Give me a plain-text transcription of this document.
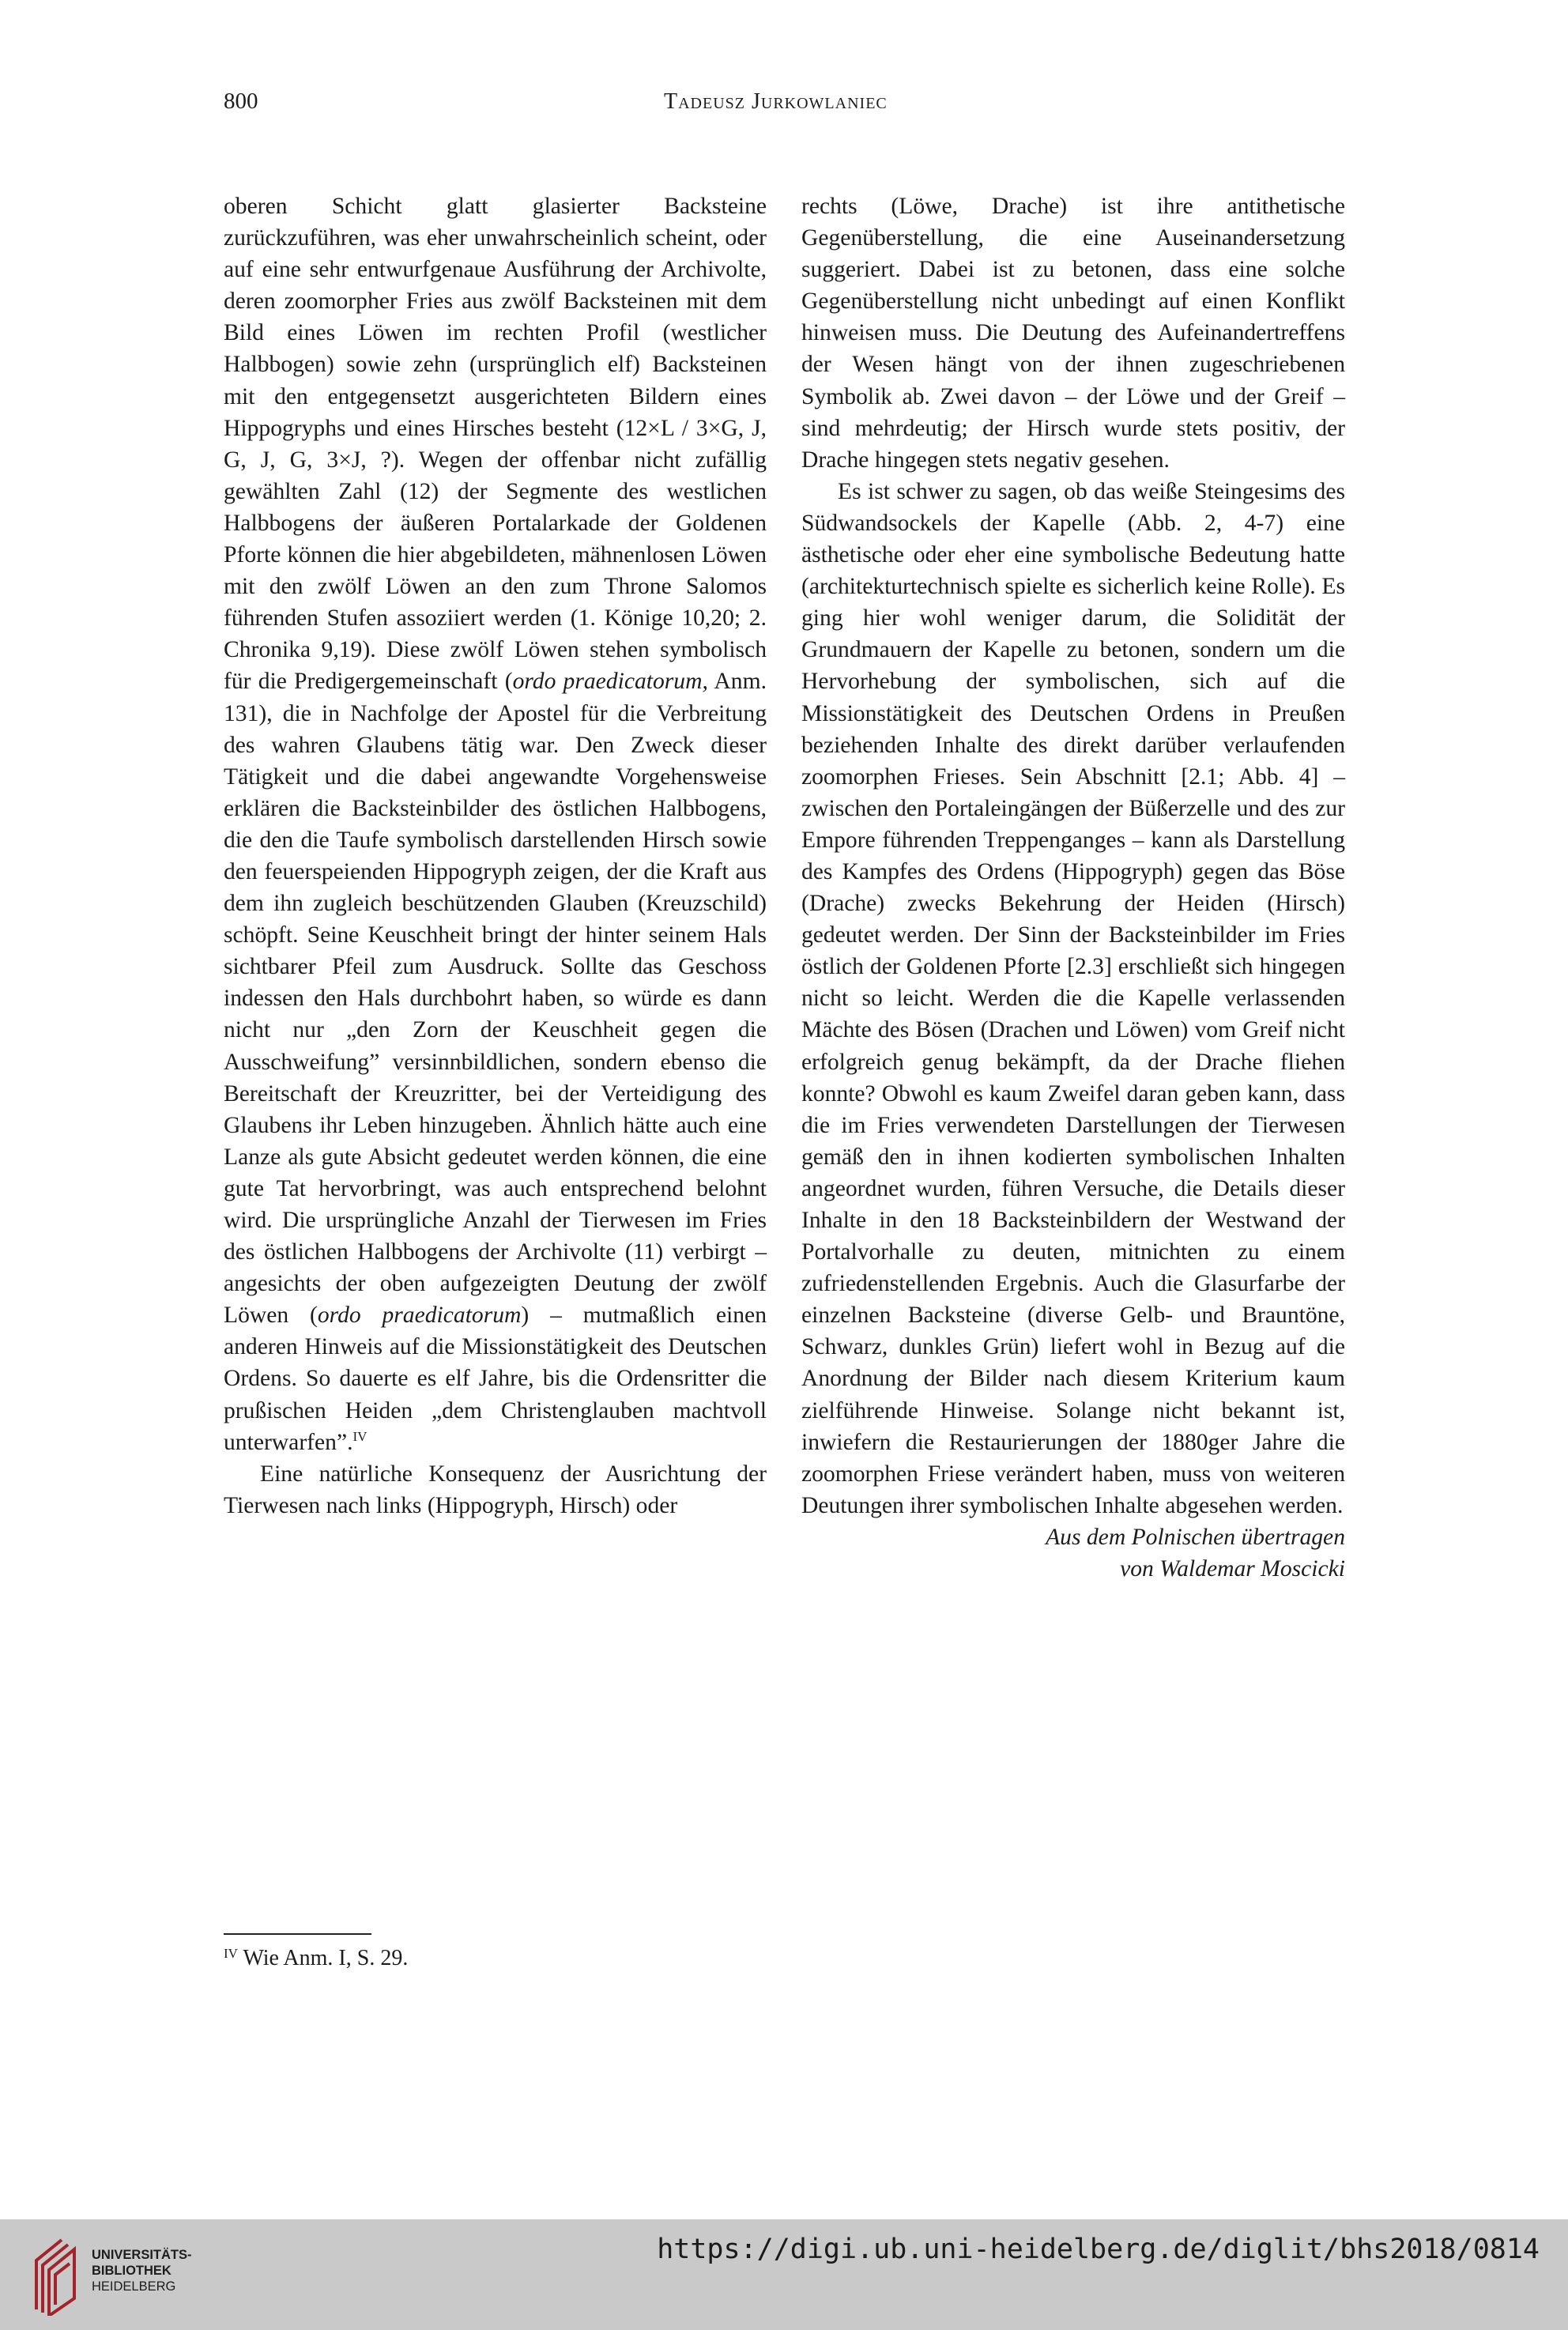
800	Tadeusz Jurkowlaniec

oberen Schicht glatt glasierter Backsteine zurückzuführen, was eher unwahrscheinlich scheint, oder auf eine sehr entwurfgenaue Ausführung der Archivolte, deren zoomorpher Fries aus zwölf Backsteinen mit dem Bild eines Löwen im rechten Profil (westlicher Halbbogen) sowie zehn (ursprünglich elf) Backsteinen mit den entgegensetzt ausgerichteten Bildern eines Hippogryphs und eines Hirsches besteht (12×L / 3×G, J, G, J, G, 3×J, ?). Wegen der offenbar nicht zufällig gewählten Zahl (12) der Segmente des westlichen Halbbogens der äußeren Portalarkade der Goldenen Pforte können die hier abgebildeten, mähnenlosen Löwen mit den zwölf Löwen an den zum Throne Salomos führenden Stufen assoziiert werden (1. Könige 10,20; 2. Chronika 9,19). Diese zwölf Löwen stehen symbolisch für die Predigergemeinschaft (ordo praedicatorum, Anm. 131), die in Nachfolge der Apostel für die Verbreitung des wahren Glaubens tätig war. Den Zweck dieser Tätigkeit und die dabei angewandte Vorgehensweise erklären die Backsteinbilder des östlichen Halbbogens, die den die Taufe symbolisch darstellenden Hirsch sowie den feuerspeienden Hippogryph zeigen, der die Kraft aus dem ihn zugleich beschützenden Glauben (Kreuzschild) schöpft. Seine Keuschheit bringt der hinter seinem Hals sichtbarer Pfeil zum Ausdruck. Sollte das Geschoss indessen den Hals durchbohrt haben, so würde es dann nicht nur „den Zorn der Keuschheit gegen die Ausschweifung” versinnbildlichen, sondern ebenso die Bereitschaft der Kreuzritter, bei der Verteidigung des Glaubens ihr Leben hinzugeben. Ähnlich hätte auch eine Lanze als gute Absicht gedeutet werden können, die eine gute Tat hervorbringt, was auch entsprechend belohnt wird. Die ursprüngliche Anzahl der Tierwesen im Fries des östlichen Halbbogens der Archivolte (11) verbirgt – angesichts der oben aufgezeigten Deutung der zwölf Löwen (ordo praedicatorum) – mutmaßlich einen anderen Hinweis auf die Missionstätigkeit des Deutschen Ordens. So dauerte es elf Jahre, bis die Ordensritter die prußischen Heiden „dem Christenglauben machtvoll unterwarfen”.$^{IV}$

Eine natürliche Konsequenz der Ausrichtung der Tierwesen nach links (Hippogryph, Hirsch) oder

rechts (Löwe, Drache) ist ihre antithetische Gegenüberstellung, die eine Auseinandersetzung suggeriert. Dabei ist zu betonen, dass eine solche Gegenüberstellung nicht unbedingt auf einen Konflikt hinweisen muss. Die Deutung des Aufeinandertreffens der Wesen hängt von der ihnen zugeschriebenen Symbolik ab. Zwei davon – der Löwe und der Greif – sind mehrdeutig; der Hirsch wurde stets positiv, der Drache hingegen stets negativ gesehen.

Es ist schwer zu sagen, ob das weiße Steingesims des Südwandsockels der Kapelle (Abb. 2, 4-7) eine ästhetische oder eher eine symbolische Bedeutung hatte (architekturtechnisch spielte es sicherlich keine Rolle). Es ging hier wohl weniger darum, die Solidität der Grundmauern der Kapelle zu betonen, sondern um die Hervorhebung der symbolischen, sich auf die Missionstätigkeit des Deutschen Ordens in Preußen beziehenden Inhalte des direkt darüber verlaufenden zoomorphen Frieses. Sein Abschnitt [2.1; Abb. 4] – zwischen den Portaleingängen der Büßerzelle und des zur Empore führenden Treppenganges – kann als Darstellung des Kampfes des Ordens (Hippogryph) gegen das Böse (Drache) zwecks Bekehrung der Heiden (Hirsch) gedeutet werden. Der Sinn der Backsteinbilder im Fries östlich der Goldenen Pforte [2.3] erschließt sich hingegen nicht so leicht. Werden die die Kapelle verlassenden Mächte des Bösen (Drachen und Löwen) vom Greif nicht erfolgreich genug bekämpft, da der Drache fliehen konnte? Obwohl es kaum Zweifel daran geben kann, dass die im Fries verwendeten Darstellungen der Tierwesen gemäß den in ihnen kodierten symbolischen Inhalten angeordnet wurden, führen Versuche, die Details dieser Inhalte in den 18 Backsteinbildern der Westwand der Portalvorhalle zu deuten, mitnichten zu einem zufriedenstellenden Ergebnis. Auch die Glasurfarbe der einzelnen Backsteine (diverse Gelb- und Brauntöne, Schwarz, dunkles Grün) liefert wohl in Bezug auf die Anordnung der Bilder nach diesem Kriterium kaum zielführende Hinweise. Solange nicht bekannt ist, inwiefern die Restaurierungen der 1880ger Jahre die zoomorphen Friese verändert haben, muss von weiteren Deutungen ihrer symbolischen Inhalte abgesehen werden.

Aus dem Polnischen übertragen
von Waldemar Moscicki
$^{IV}$ Wie Anm. I, S. 29.
UNIVERSITÄTS-
BIBLIOTHEK
HEIDELBERG
https://digi.ub.uni-heidelberg.de/diglit/bhs2018/0814
